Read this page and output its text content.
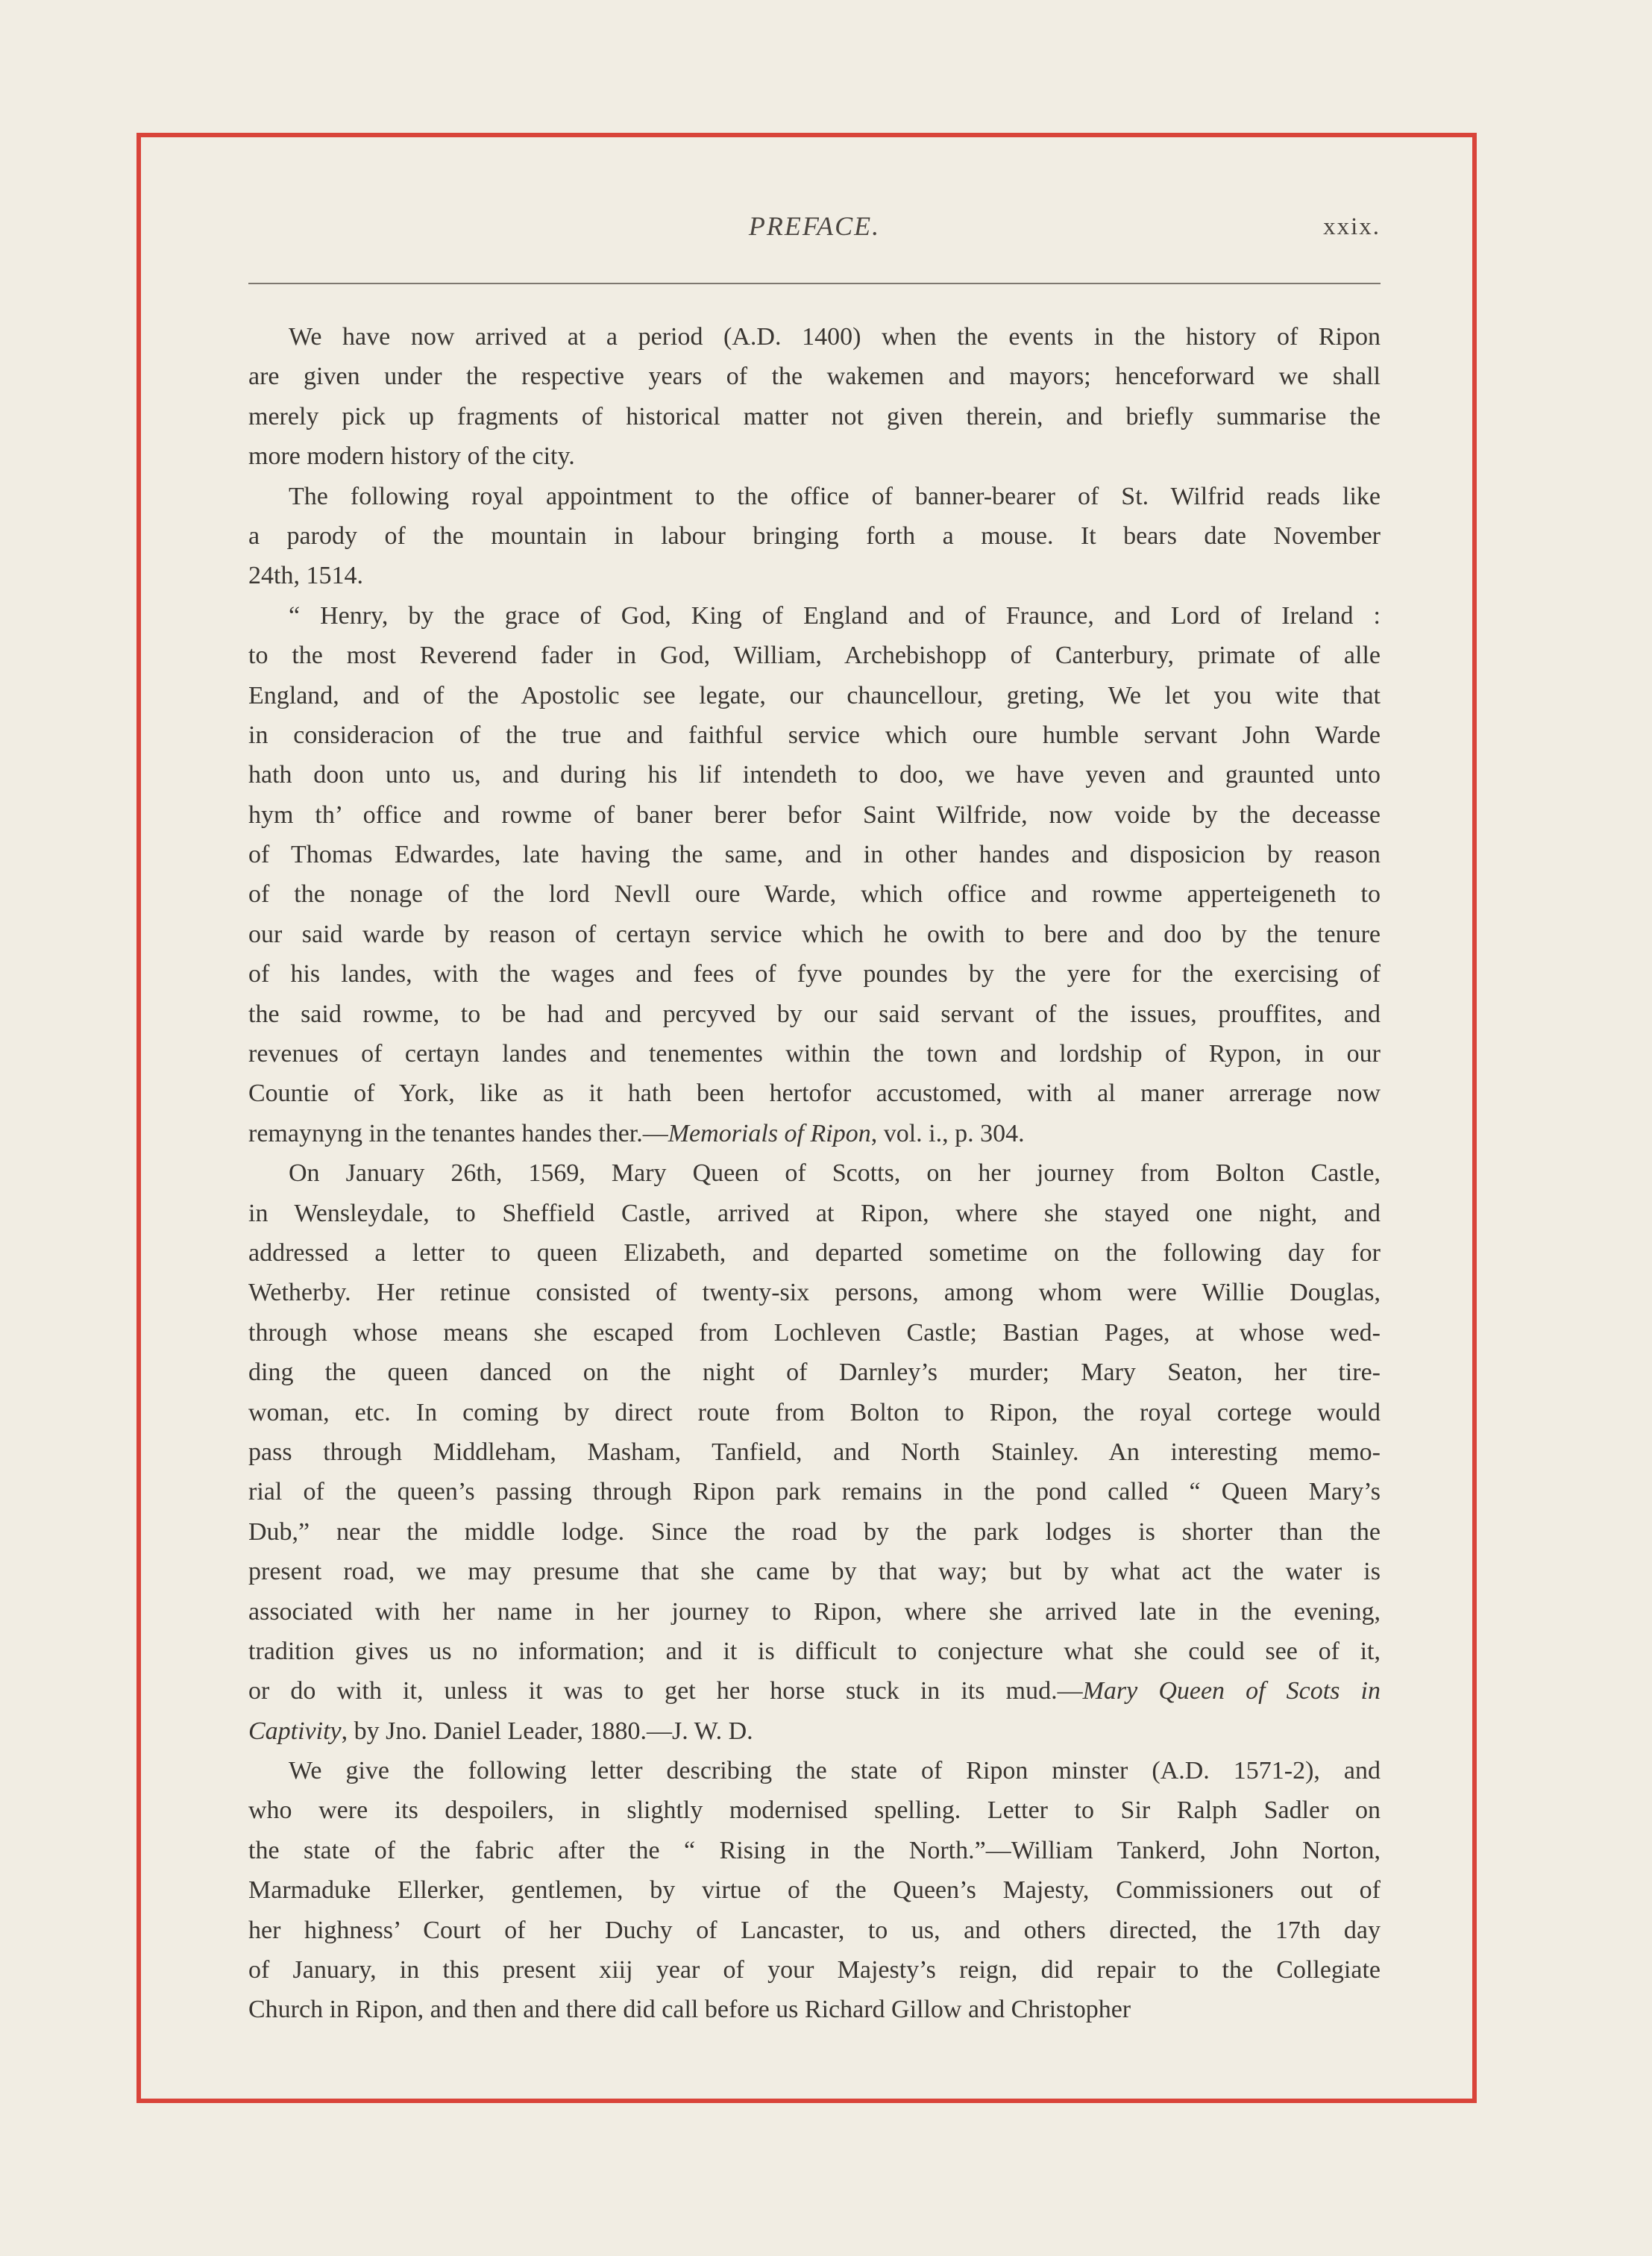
PREFACE.	xxix.
We have now arrived at a period (A.D. 1400) when the events in the history of Ripon
are given under the respective years of the wakemen and mayors; henceforward we shall
merely pick up fragments of historical matter not given therein, and briefly summarise the
more modern history of the city.
The following royal appointment to the office of banner-bearer of St. Wilfrid reads like
a parody of the mountain in labour bringing forth a mouse. It bears date November
24th, 1514.
“ Henry, by the grace of God, King of England and of Fraunce, and Lord of Ireland :
to the most Reverend fader in God, William, Archebishopp of Canterbury, primate of alle
England, and of the Apostolic see legate, our chauncellour, greting, We let you wite that
in consideracion of the true and faithful service which oure humble servant John Warde
hath doon unto us, and during his lif intendeth to doo, we have yeven and graunted unto
hym th’ office and rowme of baner berer befor Saint Wilfride, now voide by the deceasse
of Thomas Edwardes, late having the same, and in other handes and disposicion by reason
of the nonage of the lord Nevll oure Warde, which office and rowme apperteigeneth to
our said warde by reason of certayn service which he owith to bere and doo by the tenure
of his landes, with the wages and fees of fyve poundes by the yere for the exercising of
the said rowme, to be had and percyved by our said servant of the issues, prouffites, and
revenues of certayn landes and tenementes within the town and lordship of Rypon, in our
Countie of York, like as it hath been hertofor accustomed, with al maner arrerage now
remaynyng in the tenantes handes ther.—Memorials of Ripon, vol. i., p. 304.
On January 26th, 1569, Mary Queen of Scotts, on her journey from Bolton Castle,
in Wensleydale, to Sheffield Castle, arrived at Ripon, where she stayed one night, and
addressed a letter to queen Elizabeth, and departed sometime on the following day for
Wetherby. Her retinue consisted of twenty-six persons, among whom were Willie Douglas,
through whose means she escaped from Lochleven Castle; Bastian Pages, at whose wed-
ding the queen danced on the night of Darnley’s murder; Mary Seaton, her tire-
woman, etc. In coming by direct route from Bolton to Ripon, the royal cortege would
pass through Middleham, Masham, Tanfield, and North Stainley. An interesting memo-
rial of the queen’s passing through Ripon park remains in the pond called “ Queen Mary’s
Dub,” near the middle lodge. Since the road by the park lodges is shorter than the
present road, we may presume that she came by that way; but by what act the water is
associated with her name in her journey to Ripon, where she arrived late in the evening,
tradition gives us no information; and it is difficult to conjecture what she could see of it,
or do with it, unless it was to get her horse stuck in its mud.—Mary Queen of Scots in
Captivity, by Jno. Daniel Leader, 1880.—J. W. D.
We give the following letter describing the state of Ripon minster (A.D. 1571-2), and
who were its despoilers, in slightly modernised spelling. Letter to Sir Ralph Sadler on
the state of the fabric after the “ Rising in the North.”—William Tankerd, John Norton,
Marmaduke Ellerker, gentlemen, by virtue of the Queen’s Majesty, Commissioners out of
her highness’ Court of her Duchy of Lancaster, to us, and others directed, the 17th day
of January, in this present xiij year of your Majesty’s reign, did repair to the Collegiate
Church in Ripon, and then and there did call before us Richard Gillow and Christopher
